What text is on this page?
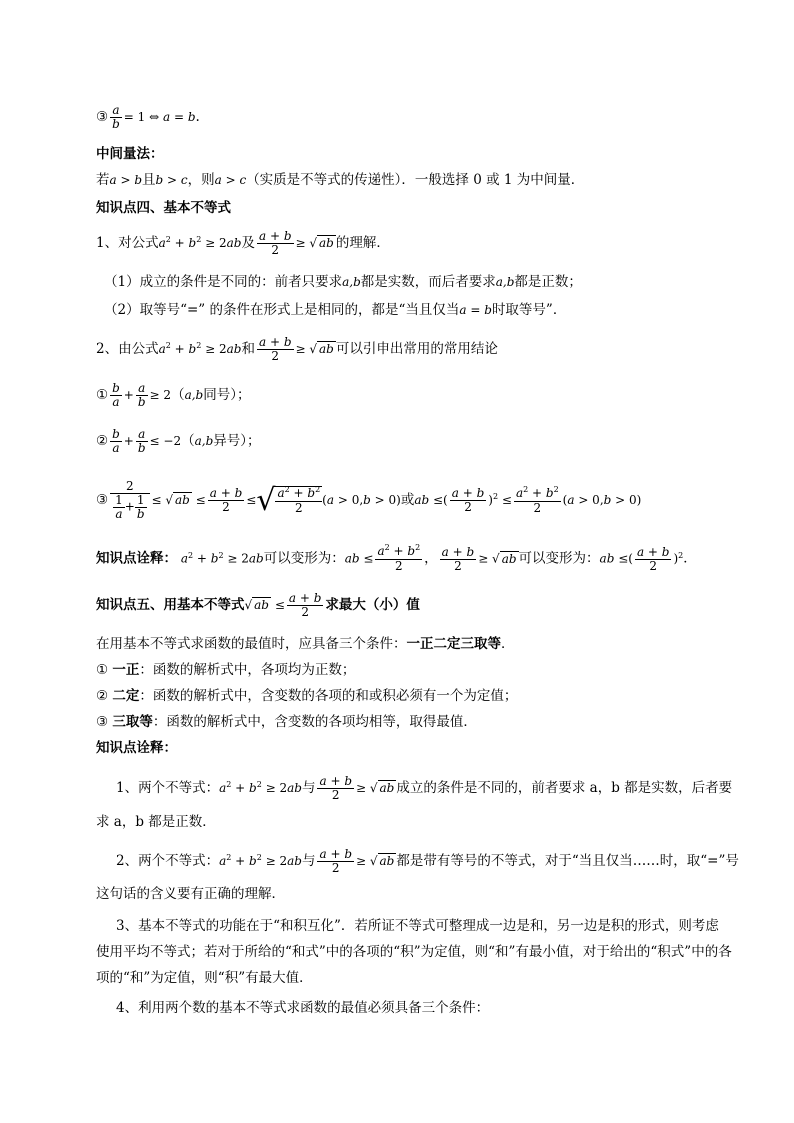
③ $\frac{a}{b} = 1$ ⇔ a = b.
中间量法：
若a > b且b > c，则a > c（实质是不等式的传递性）．一般选择 0 或 1 为中间量．
知识点四、基本不等式
1、对公式$a^2 + b^2 \ge 2ab$及 $\frac{a + b}{2}$ ≥ √ ab 的理解．
（1）成立的条件是不同的：前者只要求a,b都是实数，而后者要求a,b都是正数；
（2）取等号“=” 的条件在形式上是相同的，都是“当且仅当a = b时取等号”．
2、由公式$a^2 + b^2 \ge 2ab$和 $\frac{a + b}{2}$ ≥ √ ab 可以引申出常用的常用结论
① $\frac{b}{a} + \frac{a}{b} \ge 2(a,b$同号）；
② $\frac{b}{a} + \frac{a}{b} \le -2(a,b$异号）；
③ $\frac{2}{\frac{1}{a} + \frac{1}{b}}$ ≤ √ ab ≤ $\frac{a + b}{2}$ ≤√ $\frac{a^2 + b^2}{2} (a > 0,b > 0)$或ab ≤( $\frac{a + b}{2} )^2 \le \frac{a^2 + b^2}{2} (a > 0,b > 0)$
知识点诠释： $a^2 + b^2 \ge 2ab$可以变形为：ab ≤ $\frac{a^2 + b^2}{2}$ ， $\frac{a + b}{2}$ ≥ √ ab 可以变形为：ab ≤( $\frac{a + b}{2} )^2$．
知识点五、用基本不等式√ ab ≤ $\frac{a + b}{2}$ 求最大（小）值
在用基本不等式求函数的最值时，应具备三个条件：一正二定三取等．
① 一正：函数的解析式中，各项均为正数；
② 二定：函数的解析式中，含变数的各项的和或积必须有一个为定值；
③ 三取等：函数的解析式中，含变数的各项均相等，取得最值．
知识点诠释：
1、两个不等式：$a^2 + b^2 \ge 2ab$与 $\frac{a + b}{2}$ ≥ √ ab 成立的条件是不同的，前者要求 a，b 都是实数，后者要
求 a，b 都是正数．
2、两个不等式：$a^2 + b^2 \ge 2ab$与 $\frac{a + b}{2}$ ≥ √ ab 都是带有等号的不等式，对于“当且仅当……时，取“=”号
这句话的含义要有正确的理解．
3、基本不等式的功能在于“和积互化”．若所证不等式可整理成一边是和，另一边是积的形式，则考虑
使用平均不等式；若对于所给的“和式”中的各项的“积”为定值，则“和”有最小值，对于给出的“积式”中的各
项的“和”为定值，则“积”有最大值．
4、利用两个数的基本不等式求函数的最值必须具备三个条件：
